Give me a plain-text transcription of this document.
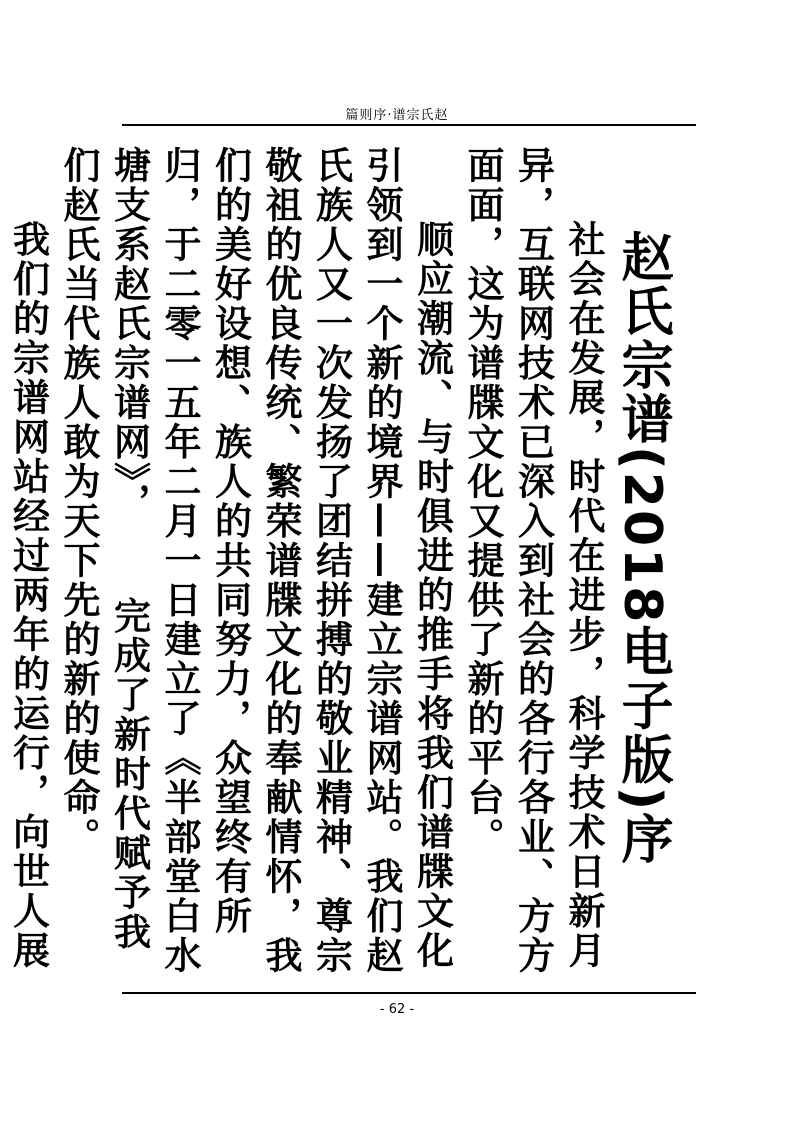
篇则序·谱宗氏赵
赵氏宗谱(2018电子版)序

社会在发展，时代在进步，科学技术日新月异，互联网技术已深入到社会的各行各业、方方面面，这为谱牒文化又提供了新的平台。

顺应潮流、与时俱进的推手将我们谱牒文化引领到一个新的境界——建立宗谱网站。我们赵氏族人又一次发扬了团结拼搏的敬业精神、尊宗敬祖的优良传统、繁荣谱牒文化的奉献情怀，我们的美好设想、族人的共同努力，众望终有所归，于二零一五年二月一日建立了《半部堂白水塘支系赵氏宗谱网》，完成了新时代赋予我们赵氏当代族人敢为天下先的新的使命。

我们的宗谱网站经过两年的运行，向世人展

- 62 -
